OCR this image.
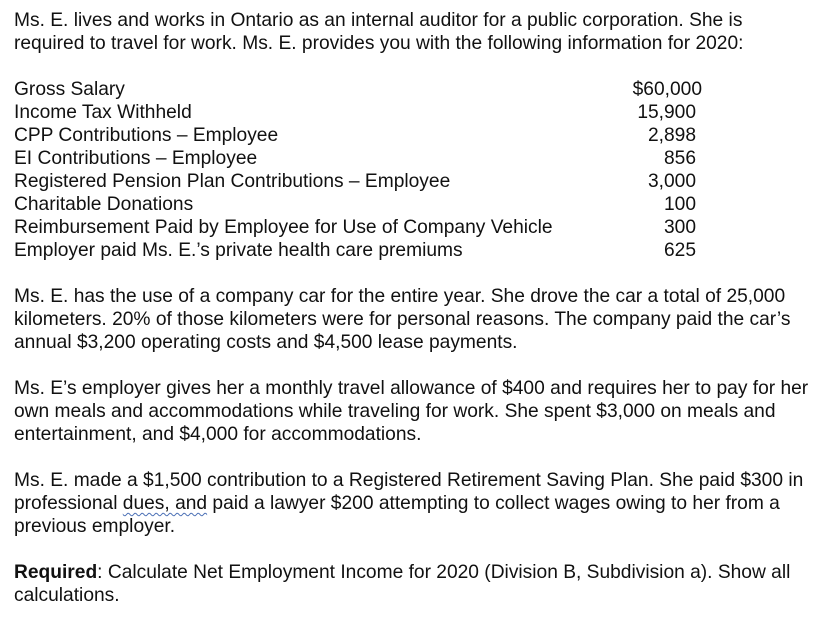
Ms. E. lives and works in Ontario as an internal auditor for a public corporation. She is required to travel for work. Ms. E. provides you with the following information for 2020:

Gross Salary	$60,000
Income Tax Withheld	15,900
CPP Contributions – Employee	2,898
EI Contributions – Employee	856
Registered Pension Plan Contributions – Employee	3,000
Charitable Donations	100
Reimbursement Paid by Employee for Use of Company Vehicle	300
Employer paid Ms. E.’s private health care premiums	625

Ms. E. has the use of a company car for the entire year. She drove the car a total of 25,000 kilometers. 20% of those kilometers were for personal reasons. The company paid the car’s annual $3,200 operating costs and $4,500 lease payments.

Ms. E’s employer gives her a monthly travel allowance of $400 and requires her to pay for her own meals and accommodations while traveling for work. She spent $3,000 on meals and entertainment, and $4,000 for accommodations.

Ms. E. made a $1,500 contribution to a Registered Retirement Saving Plan. She paid $300 in professional dues, and paid a lawyer $200 attempting to collect wages owing to her from a previous employer.

Required: Calculate Net Employment Income for 2020 (Division B, Subdivision a). Show all calculations.
